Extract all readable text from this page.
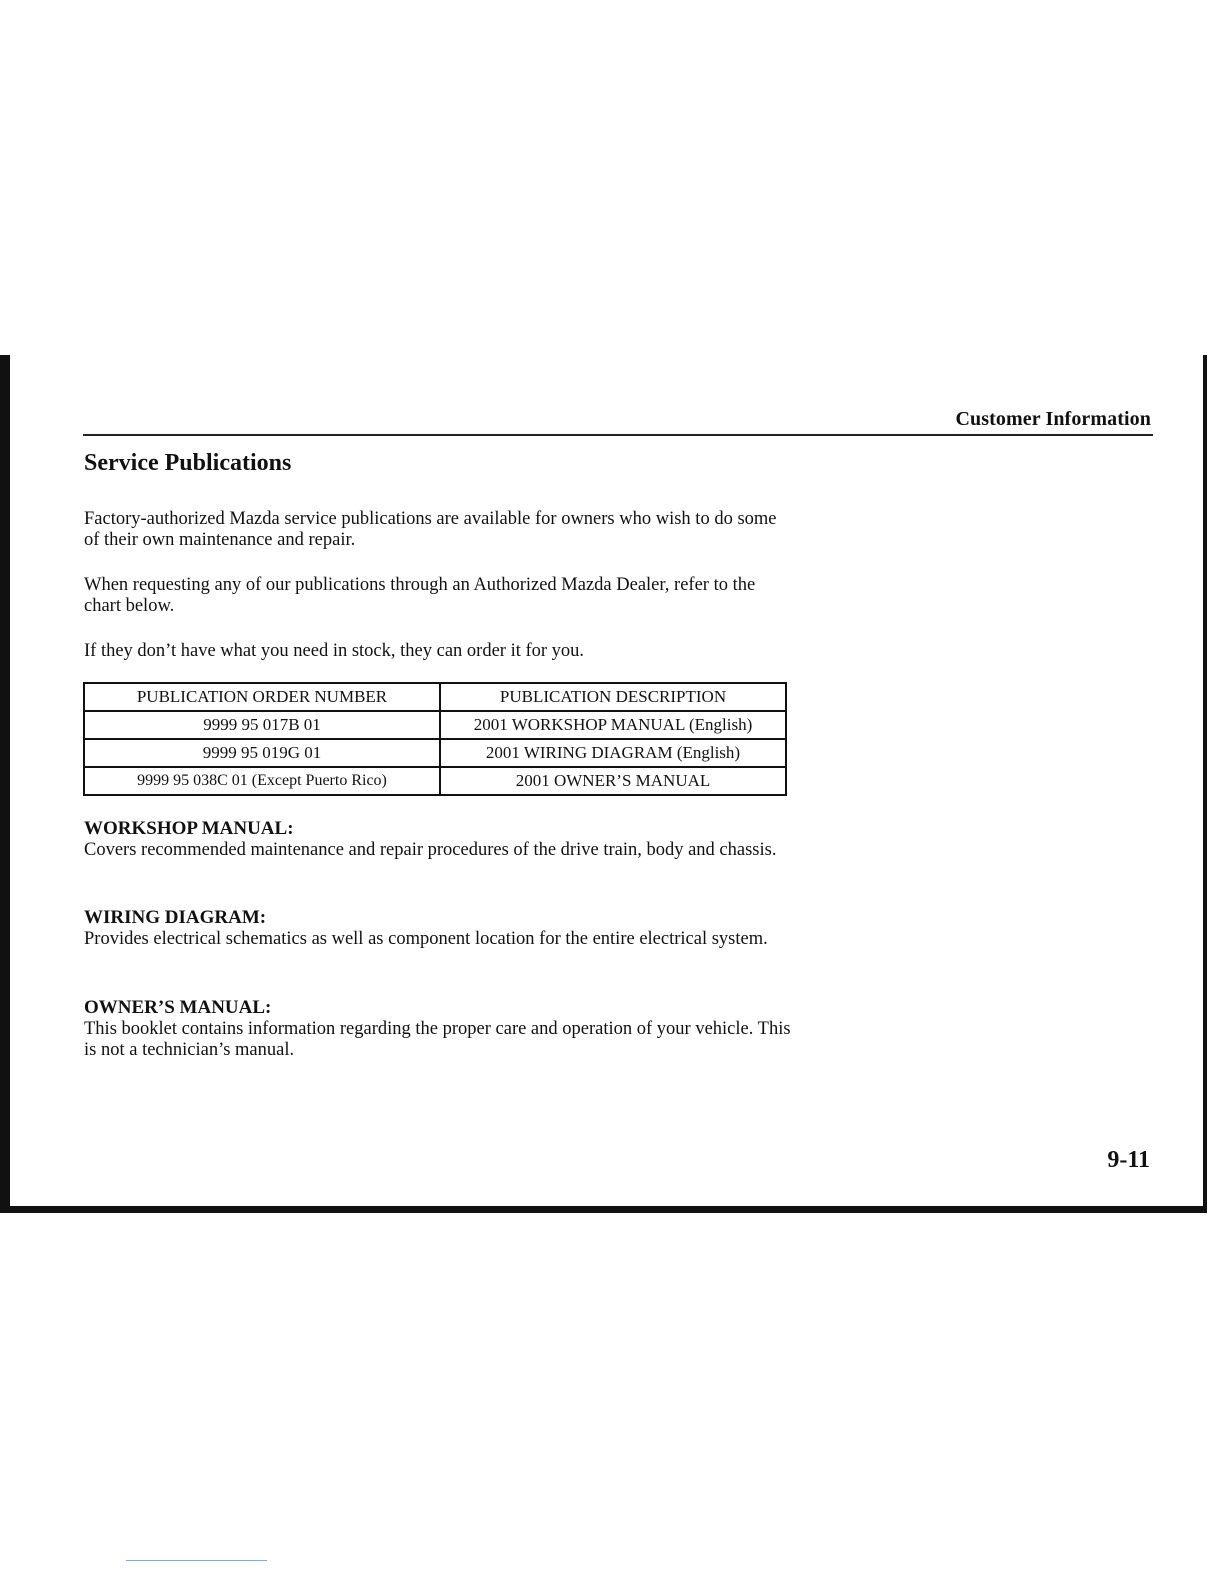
Customer Information
Service Publications

Factory-authorized Mazda service publications are available for owners who wish to do some of their own maintenance and repair.

When requesting any of our publications through an Authorized Mazda Dealer, refer to the chart below.

If they don’t have what you need in stock, they can order it for you.

PUBLICATION ORDER NUMBER	PUBLICATION DESCRIPTION
9999 95 017B 01	2001 WORKSHOP MANUAL (English)
9999 95 019G 01	2001 WIRING DIAGRAM (English)
9999 95 038C 01 (Except Puerto Rico)	2001 OWNER’S MANUAL

WORKSHOP MANUAL:

Covers recommended maintenance and repair procedures of the drive train, body and chassis.

WIRING DIAGRAM:

Provides electrical schematics as well as component location for the entire electrical system.

OWNER’S MANUAL:

This booklet contains information regarding the proper care and operation of your vehicle. This is not a technician’s manual.

9-11
